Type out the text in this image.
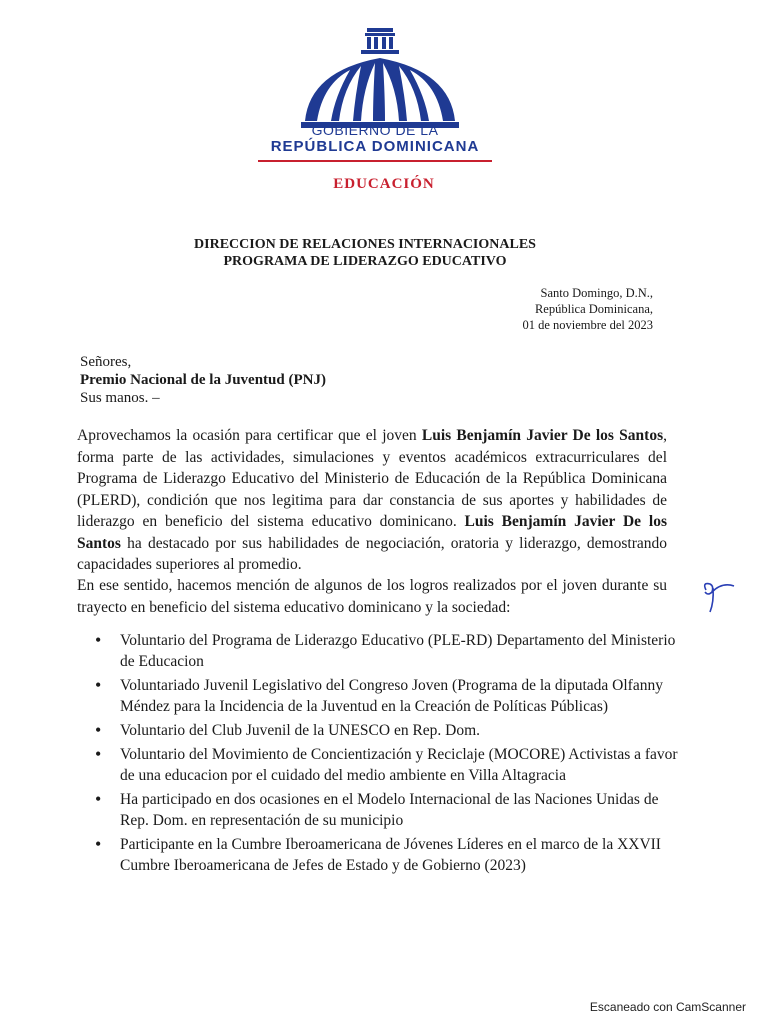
GOBIERNO DE LA
REPÚBLICA DOMINICANA
EDUCACIÓN
DIRECCION DE RELACIONES INTERNACIONALES
PROGRAMA DE LIDERAZGO EDUCATIVO
Santo Domingo, D.N.,
República Dominicana,
01 de noviembre del 2023
Señores,
Premio Nacional de la Juventud (PNJ)
Sus manos. –
Aprovechamos la ocasión para certificar que el joven Luis Benjamín Javier De los Santos, forma parte de las actividades, simulaciones y eventos académicos extracurriculares del Programa de Liderazgo Educativo del Ministerio de Educación de la República Dominicana (PLERD), condición que nos legitima para dar constancia de sus aportes y habilidades de liderazgo en beneficio del sistema educativo dominicano. Luis Benjamín Javier De los Santos ha destacado por sus habilidades de negociación, oratoria y liderazgo, demostrando capacidades superiores al promedio.
En ese sentido, hacemos mención de algunos de los logros realizados por el joven durante su trayecto en beneficio del sistema educativo dominicano y la sociedad:
• Voluntario del Programa de Liderazgo Educativo (PLE-RD) Departamento del Ministerio de Educacion
• Voluntariado Juvenil Legislativo del Congreso Joven (Programa de la diputada Olfanny Méndez para la Incidencia de la Juventud en la Creación de Políticas Públicas)
• Voluntario del Club Juvenil de la UNESCO en Rep. Dom.
• Voluntario del Movimiento de Concientización y Reciclaje (MOCORE) Activistas a favor de una educacion por el cuidado del medio ambiente en Villa Altagracia
• Ha participado en dos ocasiones en el Modelo Internacional de las Naciones Unidas de Rep. Dom. en representación de su municipio
• Participante en la Cumbre Iberoamericana de Jóvenes Líderes en el marco de la XXVII Cumbre Iberoamericana de Jefes de Estado y de Gobierno (2023)
Escaneado con CamScanner
